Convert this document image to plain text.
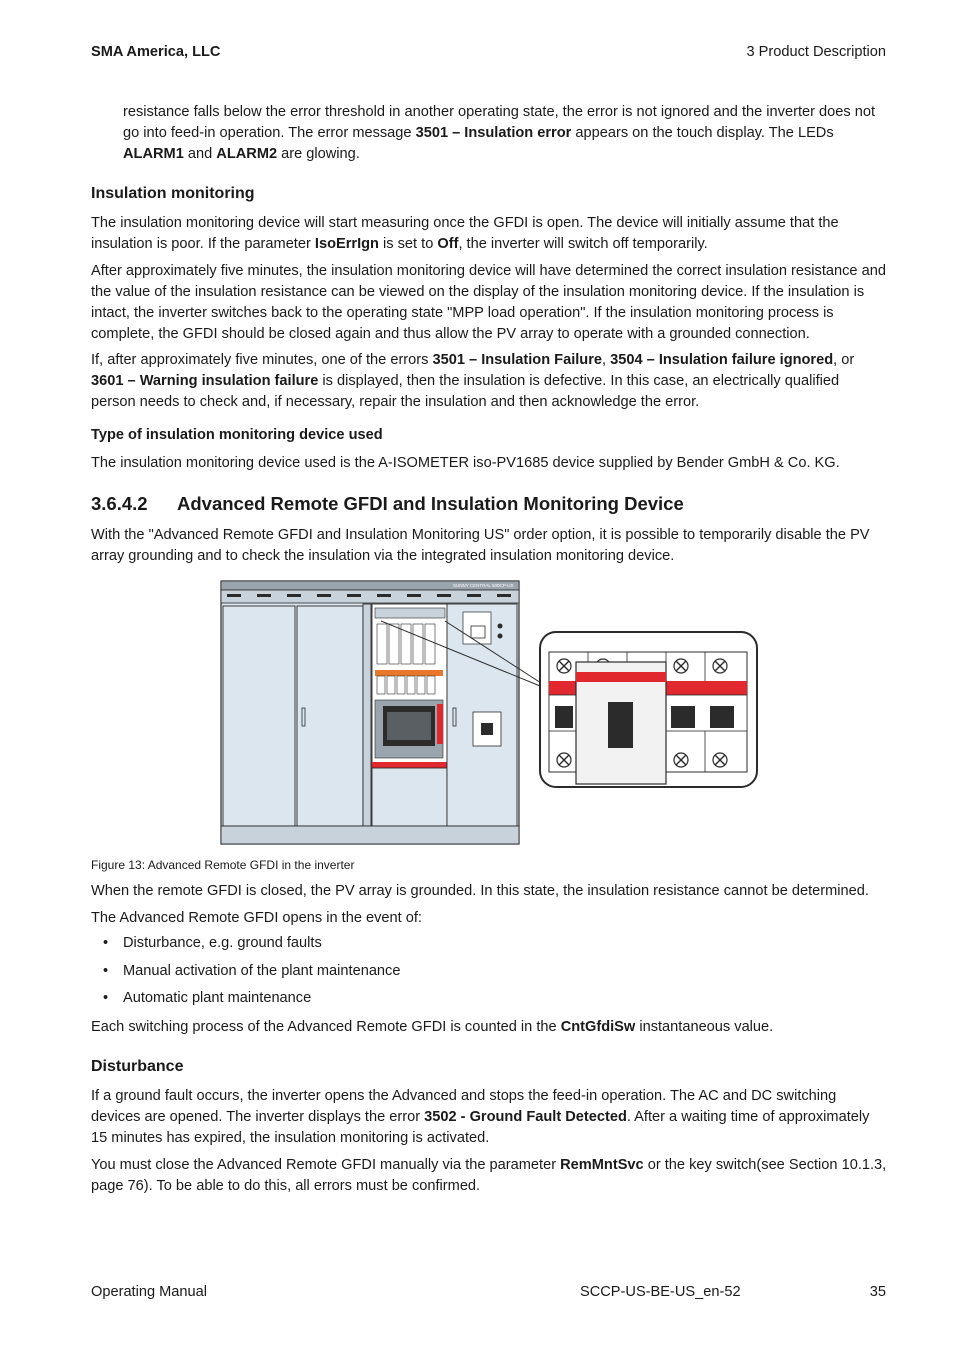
SMA America, LLC	3 Product Description

resistance falls below the error threshold in another operating state, the error is not ignored and the inverter does not go into feed-in operation. The error message 3501 – Insulation error appears on the touch display. The LEDs ALARM1 and ALARM2 are glowing.

Insulation monitoring

The insulation monitoring device will start measuring once the GFDI is open. The device will initially assume that the insulation is poor. If the parameter IsoErrIgn is set to Off, the inverter will switch off temporarily.

After approximately five minutes, the insulation monitoring device will have determined the correct insulation resistance and the value of the insulation resistance can be viewed on the display of the insulation monitoring device. If the insulation is intact, the inverter switches back to the operating state "MPP load operation". If the insulation monitoring process is complete, the GFDI should be closed again and thus allow the PV array to operate with a grounded connection.

If, after approximately five minutes, one of the errors 3501 – Insulation Failure, 3504 – Insulation failure ignored, or 3601 – Warning insulation failure is displayed, then the insulation is defective. In this case, an electrically qualified person needs to check and, if necessary, repair the insulation and then acknowledge the error.

Type of insulation monitoring device used

The insulation monitoring device used is the A-ISOMETER iso-PV1685 device supplied by Bender GmbH & Co. KG.

3.6.4.2 Advanced Remote GFDI and Insulation Monitoring Device

With the "Advanced Remote GFDI and Insulation Monitoring US" order option, it is possible to temporarily disable the PV array grounding and to check the insulation via the integrated insulation monitoring device.

SUNNY CENTRAL 500CP-US
Figure 13: Advanced Remote GFDI in the inverter

When the remote GFDI is closed, the PV array is grounded. In this state, the insulation resistance cannot be determined.

The Advanced Remote GFDI opens in the event of:

• Disturbance, e.g. ground faults
• Manual activation of the plant maintenance
• Automatic plant maintenance

Each switching process of the Advanced Remote GFDI is counted in the CntGfdiSw instantaneous value.

Disturbance

If a ground fault occurs, the inverter opens the Advanced and stops the feed-in operation. The AC and DC switching devices are opened. The inverter displays the error 3502 - Ground Fault Detected. After a waiting time of approximately 15 minutes has expired, the insulation monitoring is activated.

You must close the Advanced Remote GFDI manually via the parameter RemMntSvc or the key switch(see Section 10.1.3, page 76). To be able to do this, all errors must be confirmed.

Operating Manual	SCCP-US-BE-US_en-52	35
